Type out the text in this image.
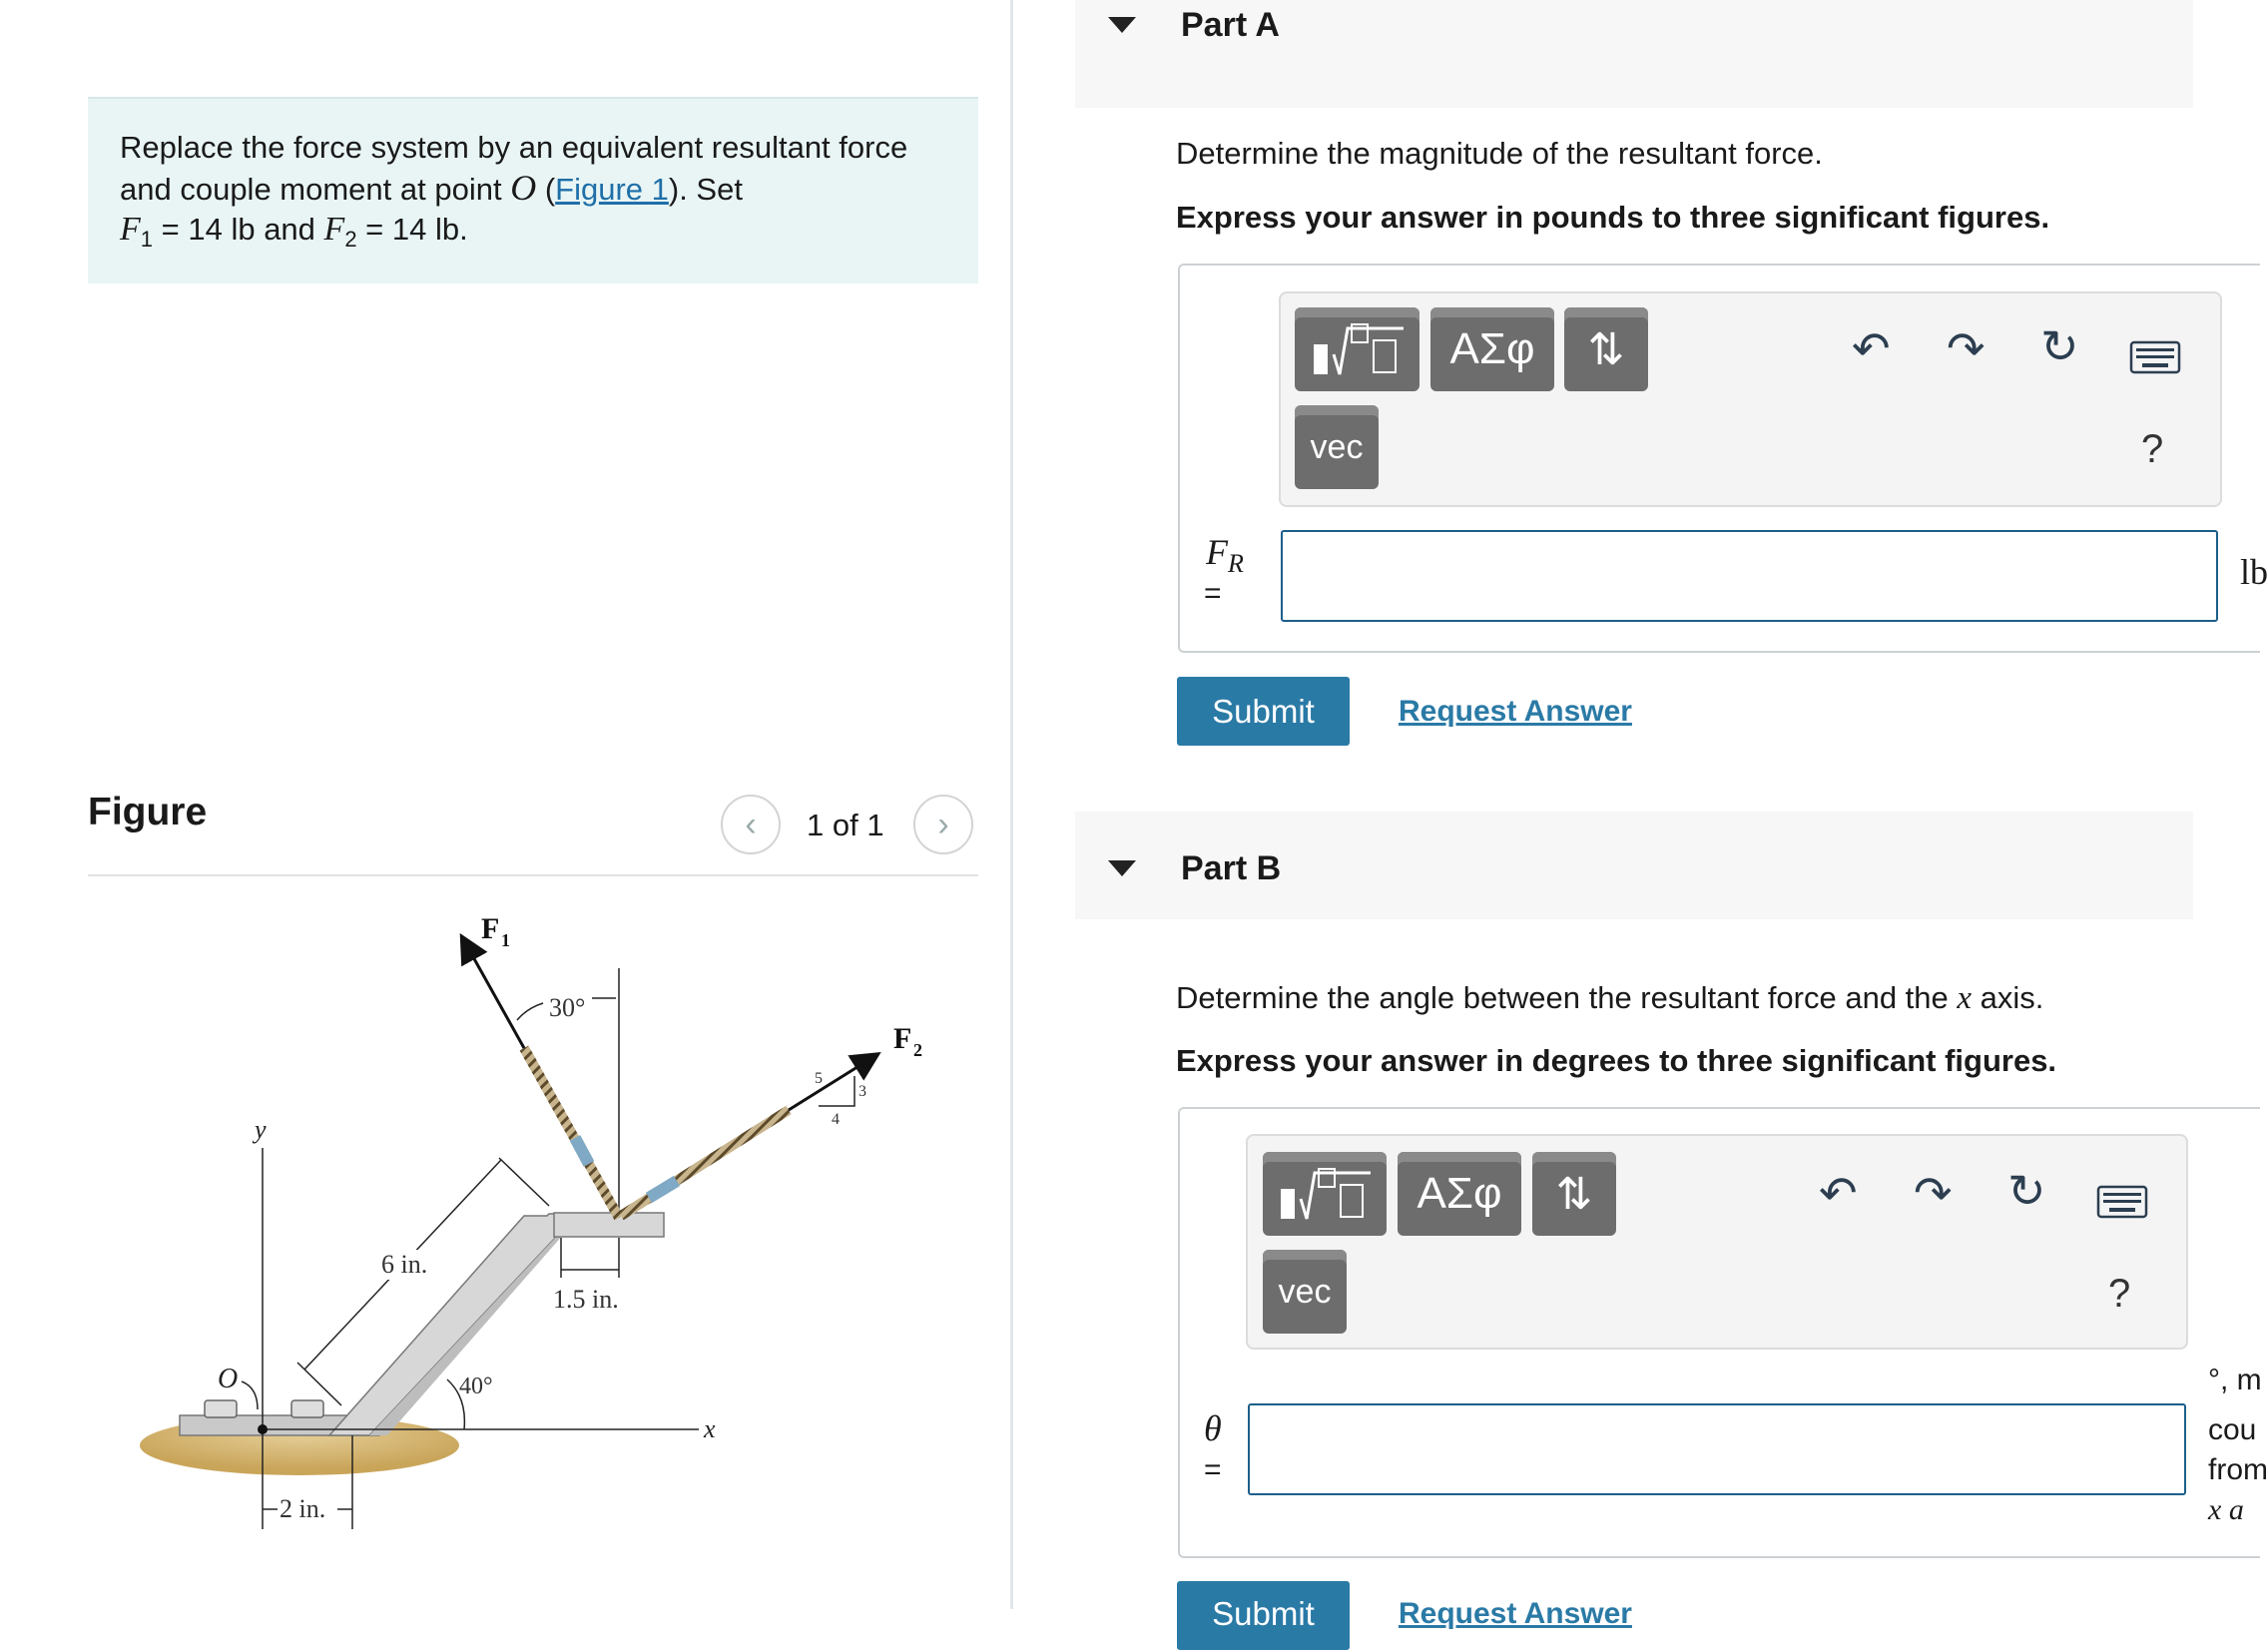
Replace the force system by an equivalent resultant force and couple moment at point O (Figure 1). Set
$F_1 = 14$ lb and $F_2 = 14$ lb.
Figure	‹ 1 of 1 ›
y
x
O
30°
F 1
F 2
5
4
3
6 in.
1.5 in.
40°
2 in.
Part A
Determine the magnitude of the resultant force.
Express your answer in pounds to three significant figures.
ΑΣφ	⇅
vec
↶ ↷ ↻
?
$F_R$
=
lb
Submit	Request Answer
Part B
Determine the angle between the resultant force and the x axis.
Express your answer in degrees to three significant figures.
ΑΣφ	⇅
vec
↶ ↷ ↻
?
θ
=
°, m
cou
from
x a
Submit	Request Answer
